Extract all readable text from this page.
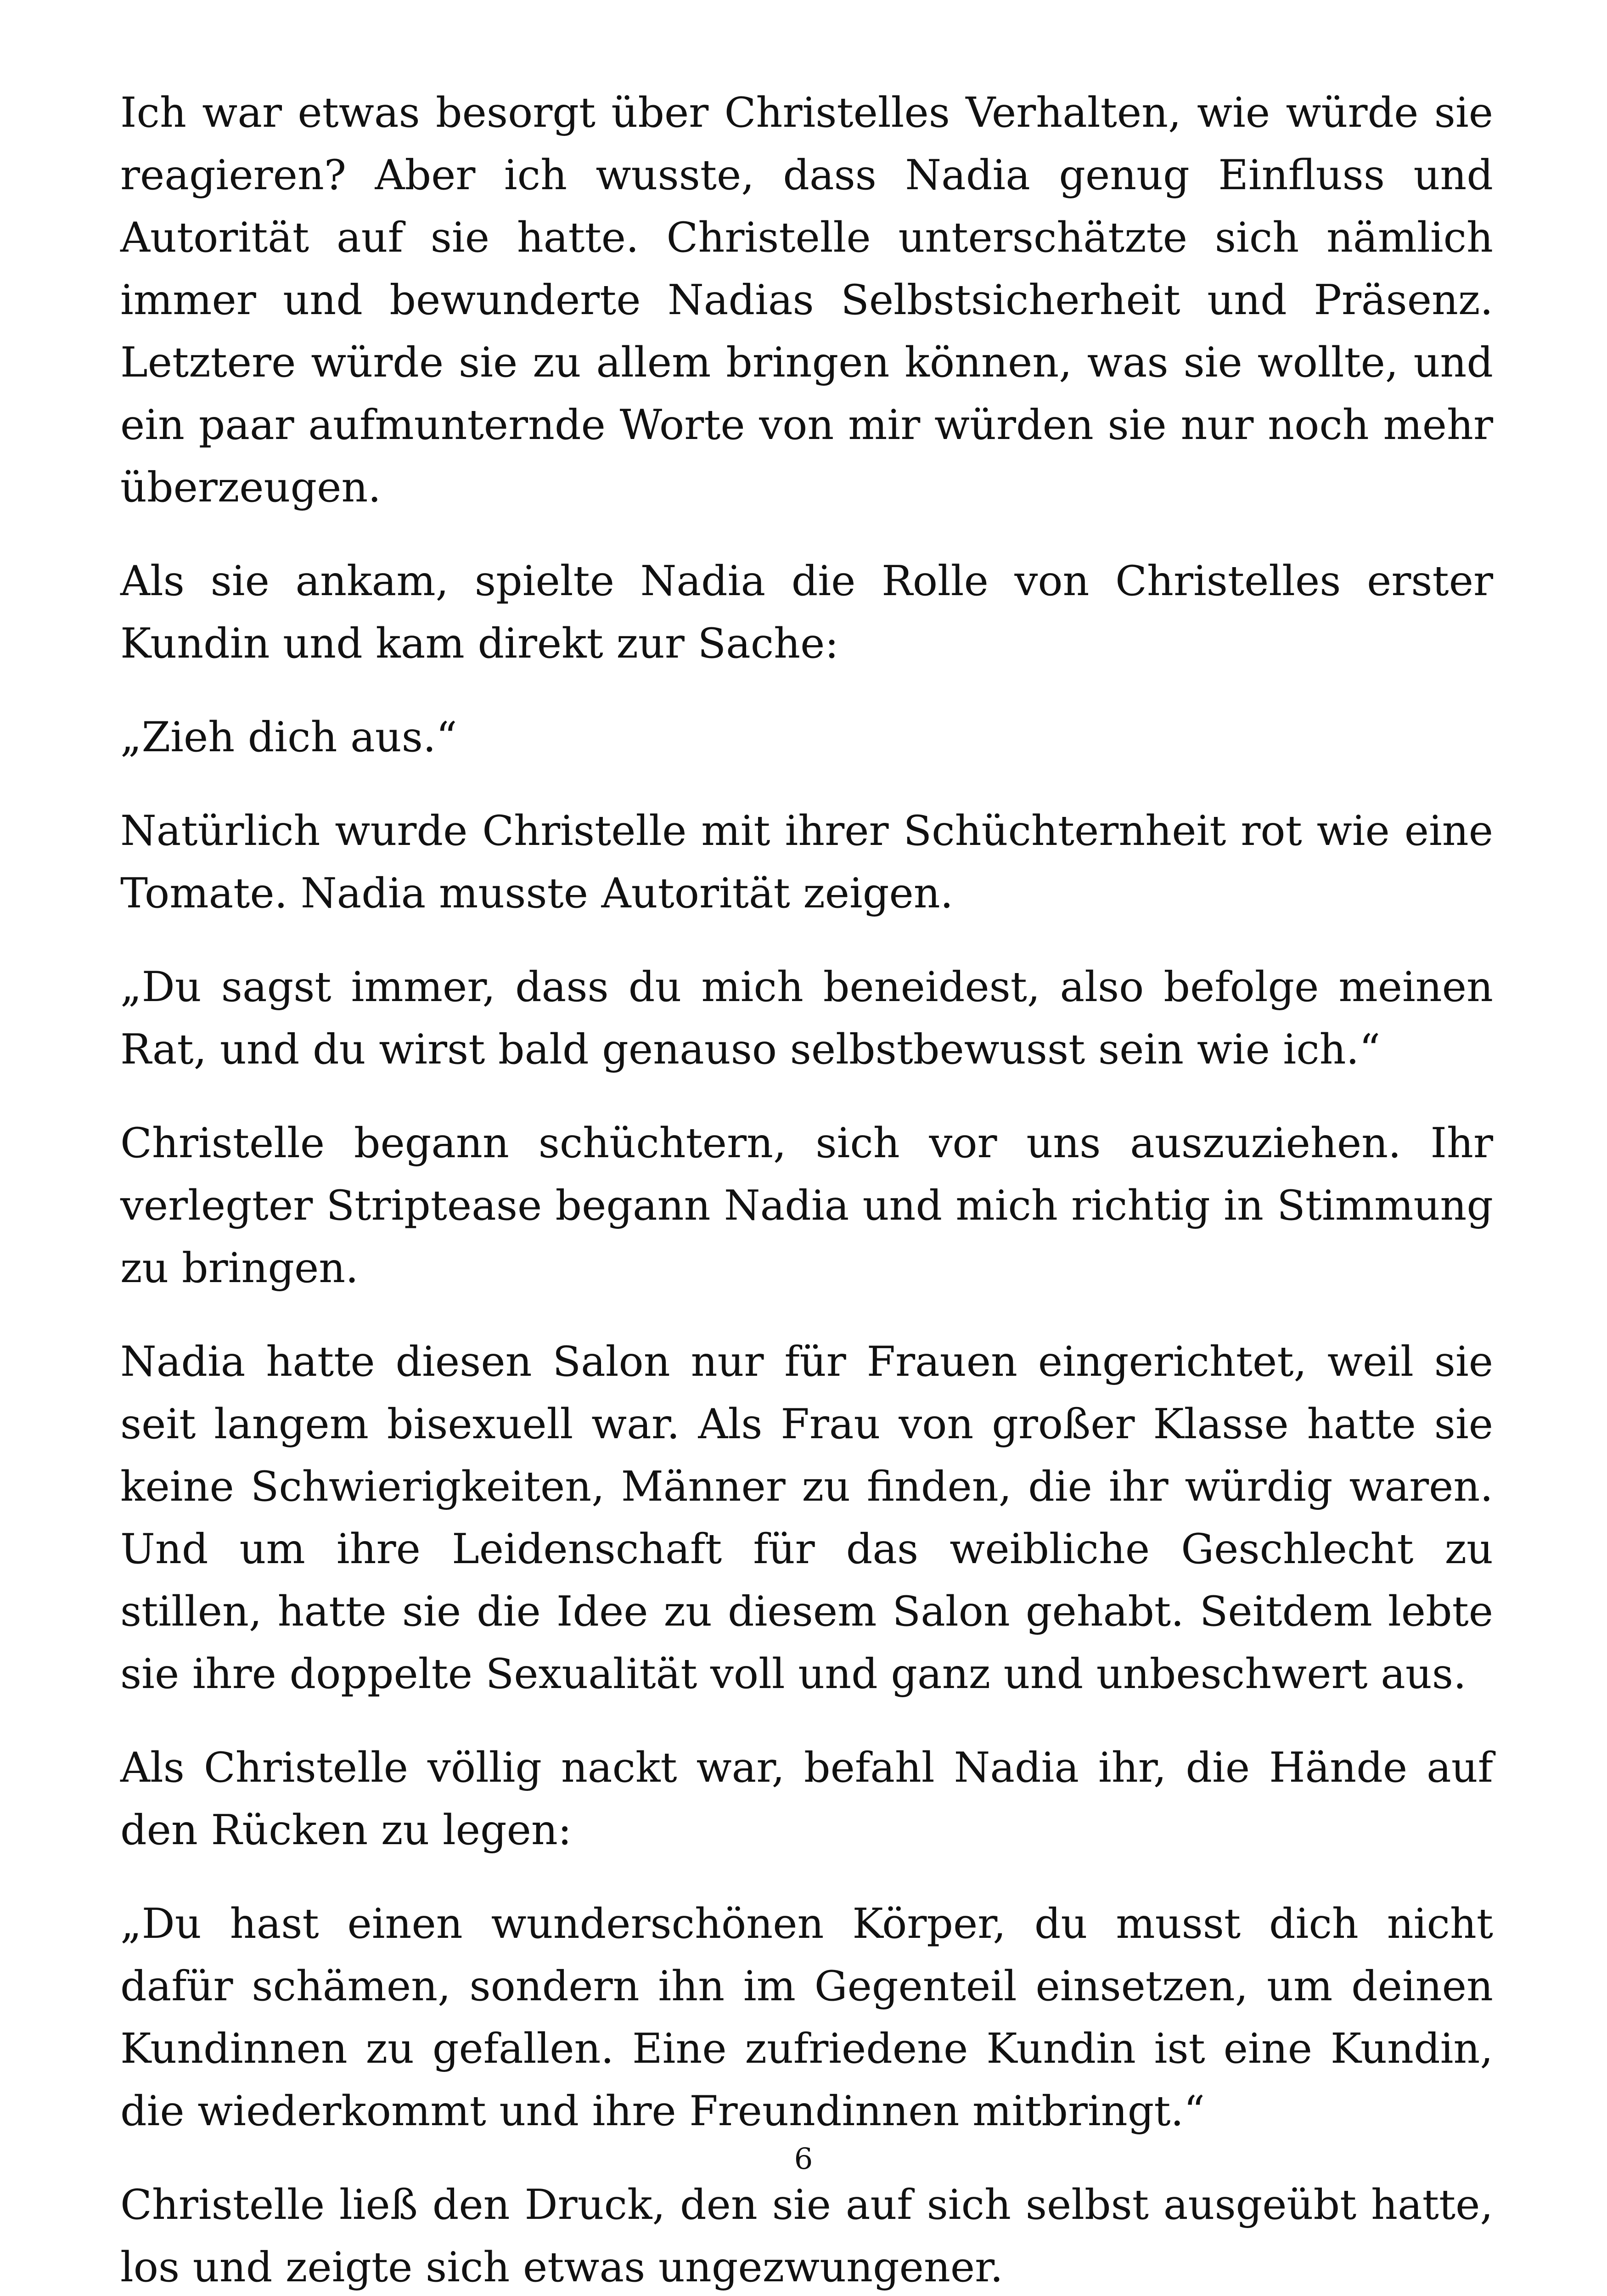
Ich war etwas besorgt über Christelles Verhalten, wie würde sie reagieren? Aber ich wusste, dass Nadia genug Einfluss und Autorität auf sie hatte. Christelle unterschätzte sich nämlich immer und bewunderte Nadias Selbstsicherheit und Präsenz. Letztere würde sie zu allem bringen können, was sie wollte, und ein paar aufmunternde Worte von mir würden sie nur noch mehr überzeugen.

Als sie ankam, spielte Nadia die Rolle von Christelles erster Kundin und kam direkt zur Sache:

„Zieh dich aus.“

Natürlich wurde Christelle mit ihrer Schüchternheit rot wie eine Tomate. Nadia musste Autorität zeigen.

„Du sagst immer, dass du mich beneidest, also befolge meinen Rat, und du wirst bald genauso selbstbewusst sein wie ich.“

Christelle begann schüchtern, sich vor uns auszuziehen. Ihr verlegter Striptease begann Nadia und mich richtig in Stimmung zu bringen.

Nadia hatte diesen Salon nur für Frauen eingerichtet, weil sie seit langem bisexuell war. Als Frau von großer Klasse hatte sie keine Schwierigkeiten, Männer zu finden, die ihr würdig waren. Und um ihre Leidenschaft für das weibliche Geschlecht zu stillen, hatte sie die Idee zu diesem Salon gehabt. Seitdem lebte sie ihre doppelte Sexualität voll und ganz und unbeschwert aus.

Als Christelle völlig nackt war, befahl Nadia ihr, die Hände auf den Rücken zu legen:

„Du hast einen wunderschönen Körper, du musst dich nicht dafür schämen, sondern ihn im Gegenteil einsetzen, um deinen Kundinnen zu gefallen. Eine zufriedene Kundin ist eine Kundin, die wiederkommt und ihre Freundinnen mitbringt.“

Christelle ließ den Druck, den sie auf sich selbst ausgeübt hatte, los und zeigte sich etwas ungezwungener.

6
